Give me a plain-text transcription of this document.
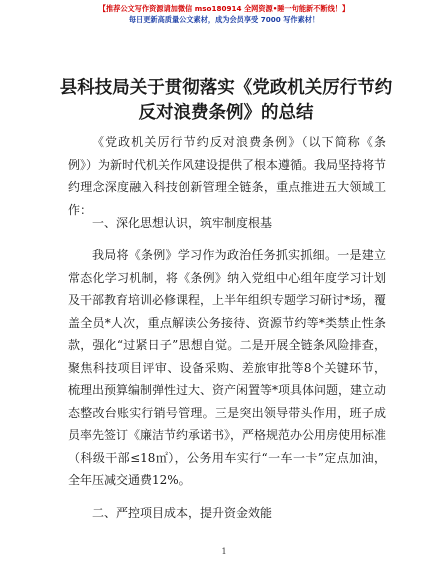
【推荐公文写作资源请加微信 mso180914 全网资源•睡一句能新不断线！】
每日更新高质量公文素材，成为会员享受 7000 写作素材！
县科技局关于贯彻落实《党政机关厉行节约反对浪费条例》的总结
《党政机关厉行节约反对浪费条例》（以下简称《条例》）为新时代机关作风建设提供了根本遵循。我局坚持将节约理念深度融入科技创新管理全链条，重点推进五大领域工作：
一、深化思想认识，筑牢制度根基
我局将《条例》学习作为政治任务抓实抓细。一是建立常态化学习机制，将《条例》纳入党组中心组年度学习计划及干部教育培训必修课程，上半年组织专题学习研讨*场，覆盖全员*人次，重点解读公务接待、资源节约等*类禁止性条款，强化“过紧日子”思想自觉。二是开展全链条风险排查，聚焦科技项目评审、设备采购、差旅审批等8个关键环节，梳理出预算编制弹性过大、资产闲置等*项具体问题，建立动态整改台账实行销号管理。三是突出领导带头作用，班子成员率先签订《廉洁节约承诺书》，严格规范办公用房使用标准（科级干部≤18㎡），公务用车实行“一车一卡”定点加油，全年压减交通费12%。
二、严控项目成本，提升资金效能
1
